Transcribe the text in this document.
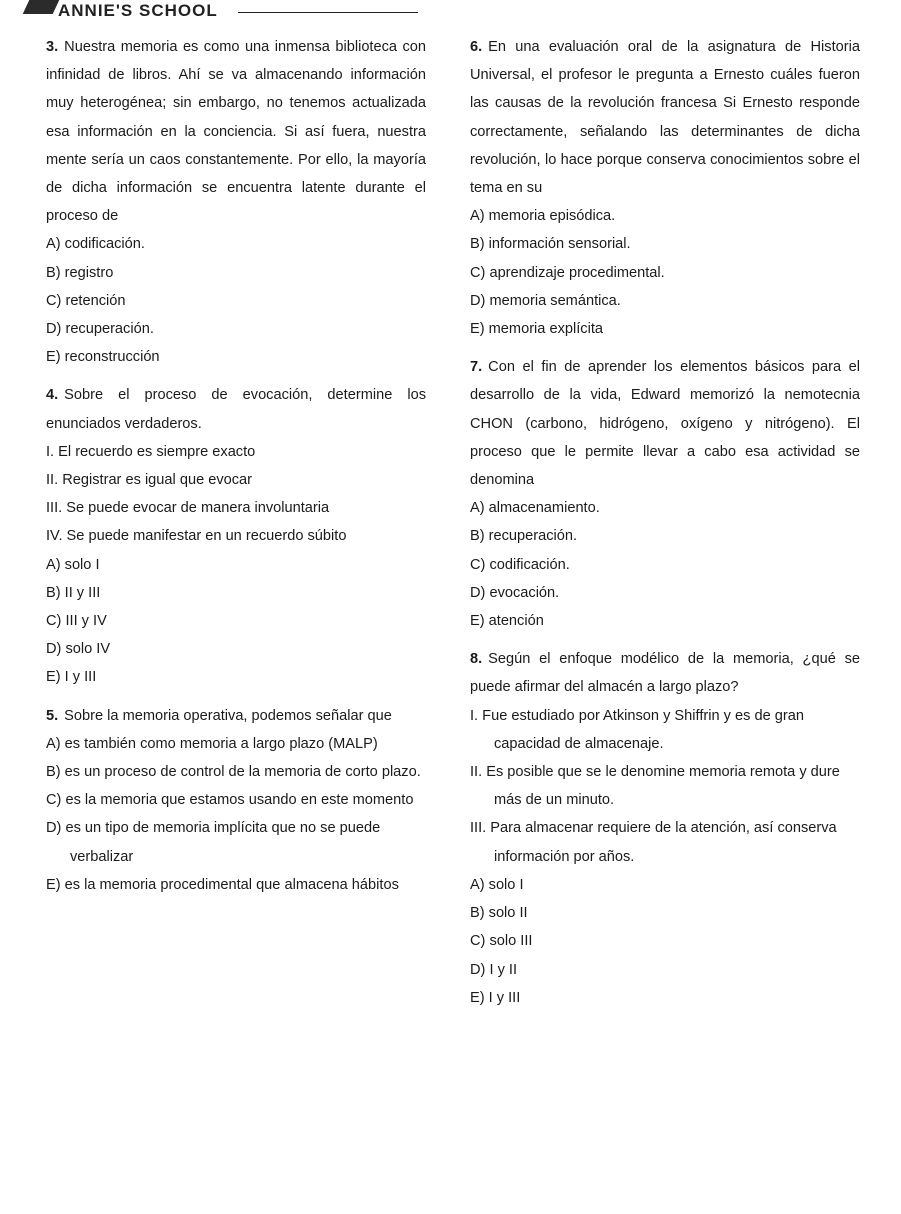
ANNIE'S SCHOOL

3. Nuestra memoria es como una inmensa biblioteca con infinidad de libros. Ahí se va almacenando información muy heterogénea; sin embargo, no tenemos actualizada esa información en la conciencia. Si así fuera, nuestra mente sería un caos constantemente. Por ello, la mayoría de dicha información se encuentra latente durante el proceso de

A) codificación.

B) registro

C) retención

D) recuperación.

E) reconstrucción

4. Sobre el proceso de evocación, determine los enunciados verdaderos.

I. El recuerdo es siempre exacto

II. Registrar es igual que evocar

III. Se puede evocar de manera involuntaria

IV. Se puede manifestar en un recuerdo súbito

A) solo I

B) II y III

C) III y IV

D) solo IV

E) I y III

5. Sobre la memoria operativa, podemos señalar que

A) es también como memoria a largo plazo (MALP)

B) es un proceso de control de la memoria de corto plazo.

C) es la memoria que estamos usando en este momento

D) es un tipo de memoria implícita que no se puede verbalizar

E) es la memoria procedimental que almacena hábitos

6. En una evaluación oral de la asignatura de Historia Universal, el profesor le pregunta a Ernesto cuáles fueron las causas de la revolución francesa Si Ernesto responde correctamente, señalando las determinantes de dicha revolución, lo hace porque conserva conocimientos sobre el tema en su

A) memoria episódica.

B) información sensorial.

C) aprendizaje procedimental.

D) memoria semántica.

E) memoria explícita

7. Con el fin de aprender los elementos básicos para el desarrollo de la vida, Edward memorizó la nemotecnia CHON (carbono, hidrógeno, oxígeno y nitrógeno). El proceso que le permite llevar a cabo esa actividad se denomina

A) almacenamiento.

B) recuperación.

C) codificación.

D) evocación.

E) atención

8. Según el enfoque modélico de la memoria, ¿qué se puede afirmar del almacén a largo plazo?

I. Fue estudiado por Atkinson y Shiffrin y es de gran capacidad de almacenaje.

II. Es posible que se le denomine memoria remota y dure más de un minuto.

III. Para almacenar requiere de la atención, así conserva información por años.

A) solo I

B) solo II

C) solo III

D) I y II

E) I y III
